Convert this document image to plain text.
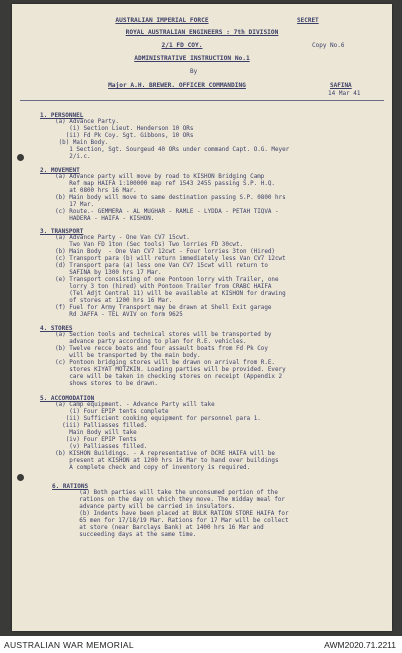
AUSTRALIAN IMPERIAL FORCE	SECRET
ROYAL AUSTRALIAN ENGINEERS : 7th DIVISION
2/1 FD COY.	Copy No.6
ADMINISTRATIVE INSTRUCTION No.1
By
Major A.H. BREWER. OFFICER COMMANDING	SAFINA
14 Mar 41
1. PERSONNEL
(a) Advance Party.
(i) Section Lieut. Henderson 10 ORs
(ii) Fd Pk Coy. Sgt. Gibbons, 10 ORs
(b) Main Body.
1 Section, Sgt. Sourgeud 40 ORs under command Capt. O.G. Meyer
2/i.c.
2. MOVEMENT
(a) Advance party will move by road to KISHON Bridging Camp
Ref map HAIFA 1:100000 map ref 1543 2455 passing S.P. H.Q.
at 0800 hrs 16 Mar.
(b) Main body will move to same destination passing S.P. 0800 hrs
17 Mar.
(c) Route.- GEMMERA - AL MUGHAR - RAMLE - LYDDA - PETAH TIQVA -
HADERA - HAIFA - KISHON.
3. TRANSPORT
(a) Advance Party - One Van CV7 15cwt.
Two Van FD 1ton (Sec tools) Two lorries FD 30cwt.
(b) Main Body  - One Van CV7 12cwt - Four lorries 3ton (Hired)
(c) Transport para (b) will return immediately less Van CV7 12cwt
(d) Transport para (a) less one Van CV7 15cwt will return to
SAFINA by 1300 hrs 17 Mar.
(e) Transport consisting of one Pontoon lorry with Trailer, one
lorry 3 ton (hired) with Pontoon Trailer from CRABC HAIFA
(Tel Adjt Central 11) will be available at KISHON for drawing
of stores at 1200 hrs 16 Mar.
(f) Fuel for Army Transport may be drawn at Shell Exit garage
Rd JAFFA - TEL AVIV on form 9625
4. STORES
(a) Section tools and technical stores will be transported by
advance party according to plan for R.E. vehicles.
(b) Twelve recce boats and four assault boats from Fd Pk Coy
will be transported by the main body.
(c) Pontoon bridging stores will be drawn on arrival from R.E.
stores KIYAT MOTZKIN. Loading parties will be provided. Every
care will be taken in checking stores on receipt (Appendix 2
shows stores to be drawn.
5. ACCOMODATION
(a) Camp equipment. - Advance Party will take
(i) Four EPIP tents complete
(ii) Sufficient cooking equipment for personnel para 1.
(iii) Palliasses filled.
Main Body will take
(iv) Four EPIP Tents
(v) Palliasses filled.
(b) KISHON Buildings. - A representative of DCRE HAIFA will be
present at KISHON at 1200 hrs 16 Mar to hand over buildings
A complete check and copy of inventory is required.
6. RATIONS
(a) Both parties will take the unconsumed portion of the
rations on the day on which they move. The midday meal for
advance party will be carried in insulators.
(b) Indents have been placed at BULK RATION STORE HAIFA for
65 men for 17/18/19 Mar. Rations for 17 Mar will be collect
at store (near Barclays Bank) at 1400 hrs 16 Mar and
succeeding days at the same time.
AUSTRALIAN WAR MEMORIAL	AWM2020.71.2211
